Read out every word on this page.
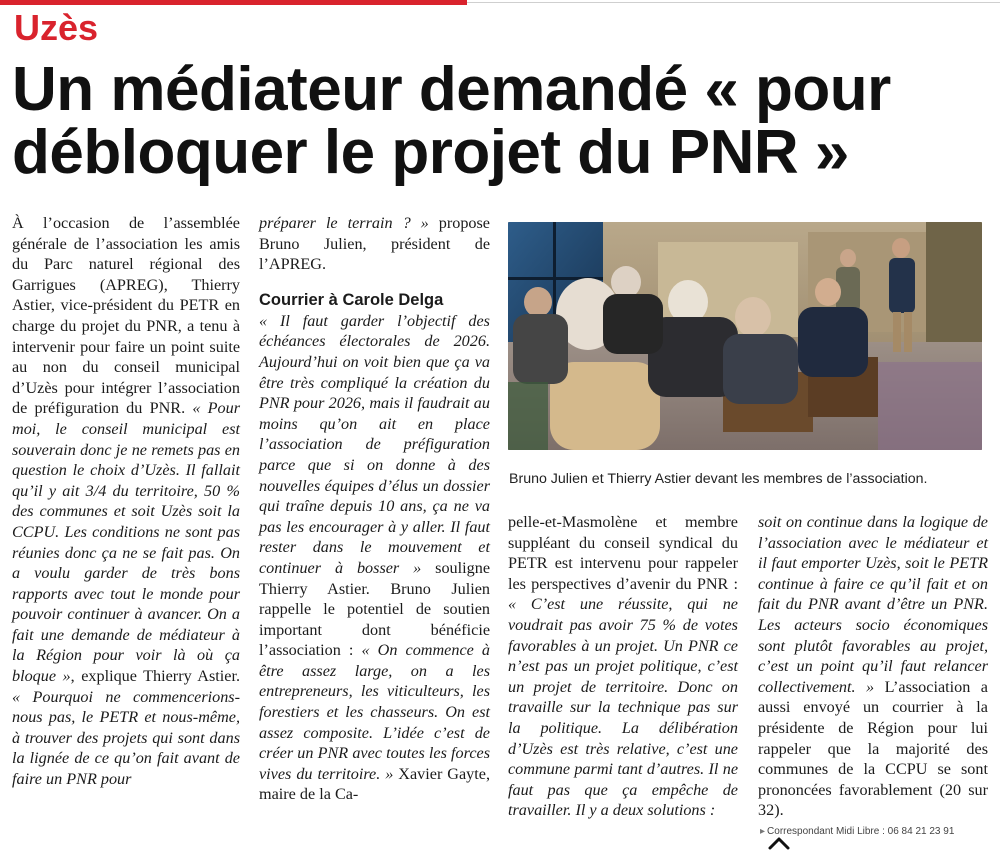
Uzès
Un médiateur demandé « pour
débloquer le projet du PNR »

À l’occasion de l’assemblée générale de l’association les amis du Parc naturel régional des Garrigues (APREG), Thierry Astier, vice-président du PETR en charge du projet du PNR, a tenu à intervenir pour faire un point suite au non du conseil municipal d’Uzès pour intégrer l’association de préfiguration du PNR. « Pour moi, le conseil municipal est souverain donc je ne remets pas en question le choix d’Uzès. Il fallait qu’il y ait 3/4 du territoire, 50 % des communes et soit Uzès soit la CCPU. Les conditions ne sont pas réunies donc ça ne se fait pas. On a voulu garder de très bons rapports avec tout le monde pour pouvoir continuer à avancer. On a fait une demande de médiateur à la Région pour voir là où ça bloque », explique Thierry Astier. « Pourquoi ne commencerions-nous pas, le PETR et nous-même, à trouver des projets qui sont dans la lignée de ce qu’on fait avant de faire un PNR pour

préparer le terrain ? » propose Bruno Julien, président de l’APREG.

Courrier à Carole Delga

« Il faut garder l’objectif des échéances électorales de 2026. Aujourd’hui on voit bien que ça va être très compliqué la création du PNR pour 2026, mais il faudrait au moins qu’on ait en place l’association de préfiguration parce que si on donne à des nouvelles équipes d’élus un dossier qui traîne depuis 10 ans, ça ne va pas les encourager à y aller. Il faut rester dans le mouvement et continuer à bosser » souligne Thierry Astier. Bruno Julien rappelle le potentiel de soutien important dont bénéficie l’association : « On commence à être assez large, on a les entrepreneurs, les viticulteurs, les forestiers et les chasseurs. On est assez composite. L’idée c’est de créer un PNR avec toutes les forces vives du territoire. » Xavier Gayte, maire de la Ca-

Bruno Julien et Thierry Astier devant les membres de l’association.

pelle-et-Masmolène et membre suppléant du conseil syndical du PETR est intervenu pour rappeler les perspectives d’avenir du PNR : « C’est une réussite, qui ne voudrait pas avoir 75 % de votes favorables à un projet. Un PNR ce n’est pas un projet politique, c’est un projet de territoire. Donc on travaille sur la technique pas sur la politique. La délibération d’Uzès est très relative, c’est une commune parmi tant d’autres. Il ne faut pas que ça empêche de travailler. Il y a deux solutions :

soit on continue dans la logique de l’association avec le médiateur et il faut emporter Uzès, soit le PETR continue à faire ce qu’il fait et on fait du PNR avant d’être un PNR. Les acteurs socio économiques sont plutôt favorables au projet, c’est un point qu’il faut relancer collectivement. » L’association a aussi envoyé un courrier à la présidente de Région pour lui rappeler que la majorité des communes de la CCPU se sont prononcées favorablement (20 sur 32).

▸ Correspondant Midi Libre : 06 84 21 23 91
